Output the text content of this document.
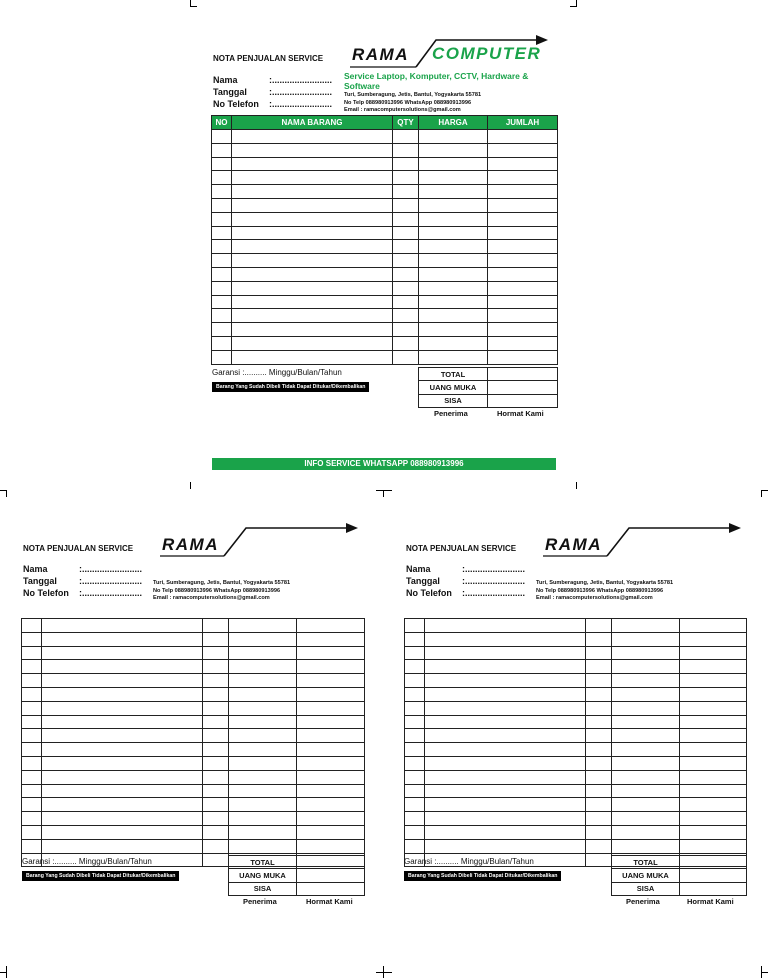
NOTA PENJUALAN SERVICE
Nama	:........................
Tanggal :........................
No Telefon :........................
RAMA COMPUTER
Service Laptop, Komputer, CCTV, Hardware & Software
Turi, Sumberagung, Jetis, Bantul, Yogyakarta 55781
No Telp 088980913996 WhatsApp 088980913996
Email : ramacomputersolutions@gmail.com
NO	NAMA BARANG	QTY	HARGA	JUMLAH

Garansi :.......... Minggu/Bulan/Tahun
Barang Yang Sudah Dibeli Tidak Dapat Ditukar/Dikembalikan
TOTAL	
UANG MUKA	
SISA	
Penerima	Hormat Kami
INFO SERVICE WHATSAPP 088980913996
NOTA PENJUALAN SERVICE
Nama	:........................
Tanggal :........................
No Telefon :........................
RAMA
Turi, Sumberagung, Jetis, Bantul, Yogyakarta 55781
No Telp 088980913996 WhatsApp 088980913996
Email : ramacomputersolutions@gmail.com

Garansi :.......... Minggu/Bulan/Tahun
Barang Yang Sudah Dibeli Tidak Dapat Ditukar/Dikembalikan
TOTAL	
UANG MUKA	
SISA	
Penerima	Hormat Kami
NOTA PENJUALAN SERVICE
Nama	:........................
Tanggal :........................
No Telefon :........................
RAMA
Turi, Sumberagung, Jetis, Bantul, Yogyakarta 55781
No Telp 088980913996 WhatsApp 088980913996
Email : ramacomputersolutions@gmail.com

Garansi :.......... Minggu/Bulan/Tahun
Barang Yang Sudah Dibeli Tidak Dapat Ditukar/Dikembalikan
TOTAL	
UANG MUKA	
SISA	
Penerima	Hormat Kami
